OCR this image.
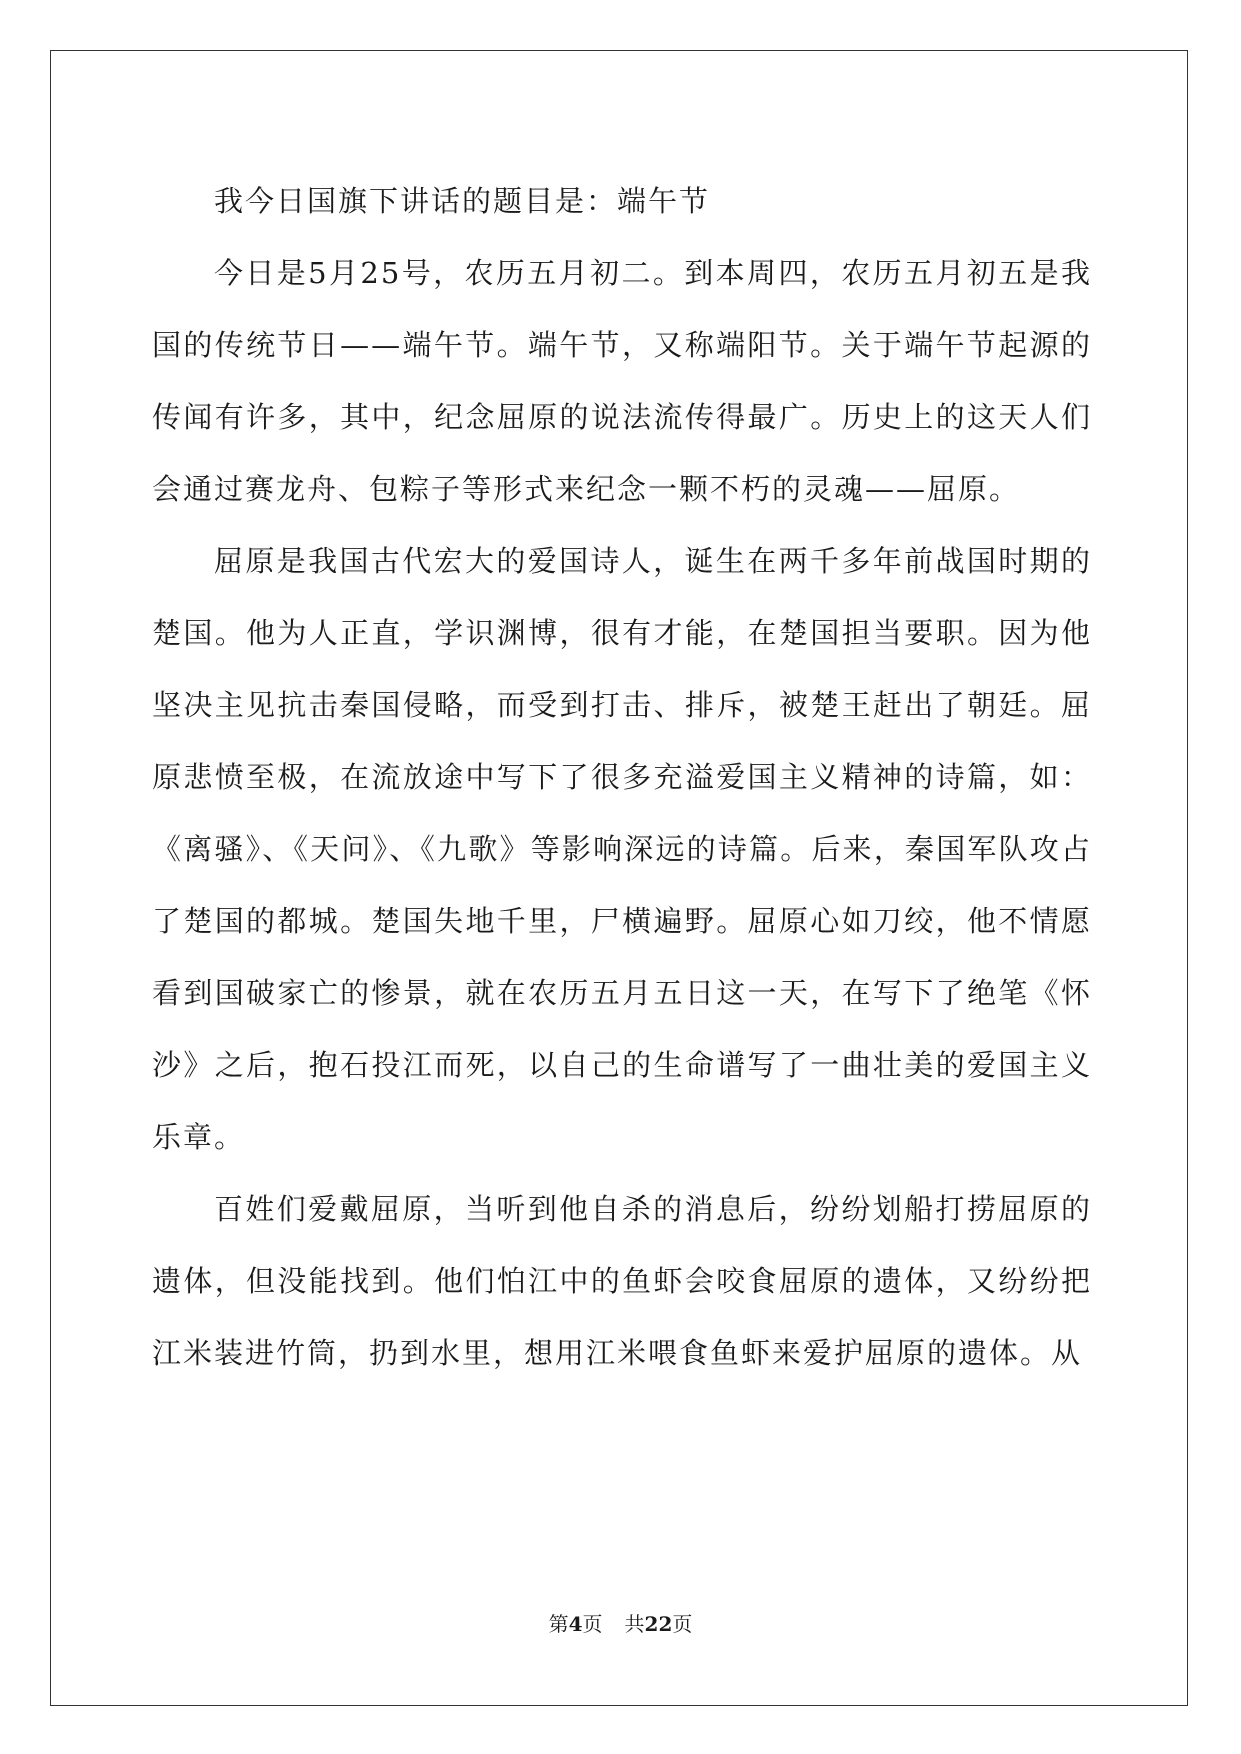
我今日国旗下讲话的题目是：端午节

今日是5月25号，农历五月初二。到本周四，农历五月初五是我国的传统节日——端午节。端午节，又称端阳节。关于端午节起源的传闻有许多，其中，纪念屈原的说法流传得最广。历史上的这天人们会通过赛龙舟、包粽子等形式来纪念一颗不朽的灵魂——屈原。

屈原是我国古代宏大的爱国诗人，诞生在两千多年前战国时期的楚国。他为人正直，学识渊博，很有才能，在楚国担当要职。因为他坚决主见抗击秦国侵略，而受到打击、排斥，被楚王赶出了朝廷。屈原悲愤至极，在流放途中写下了很多充溢爱国主义精神的诗篇，如：《离骚》、《天问》、《九歌》等影响深远的诗篇。后来，秦国军队攻占了楚国的都城。楚国失地千里，尸横遍野。屈原心如刀绞，他不情愿看到国破家亡的惨景，就在农历五月五日这一天，在写下了绝笔《怀沙》之后，抱石投江而死，以自己的生命谱写了一曲壮美的爱国主义乐章。

百姓们爱戴屈原，当听到他自杀的消息后，纷纷划船打捞屈原的遗体，但没能找到。他们怕江中的鱼虾会咬食屈原的遗体，又纷纷把江米装进竹筒，扔到水里，想用江米喂食鱼虾来爱护屈原的遗体。从

第4页 共22页
